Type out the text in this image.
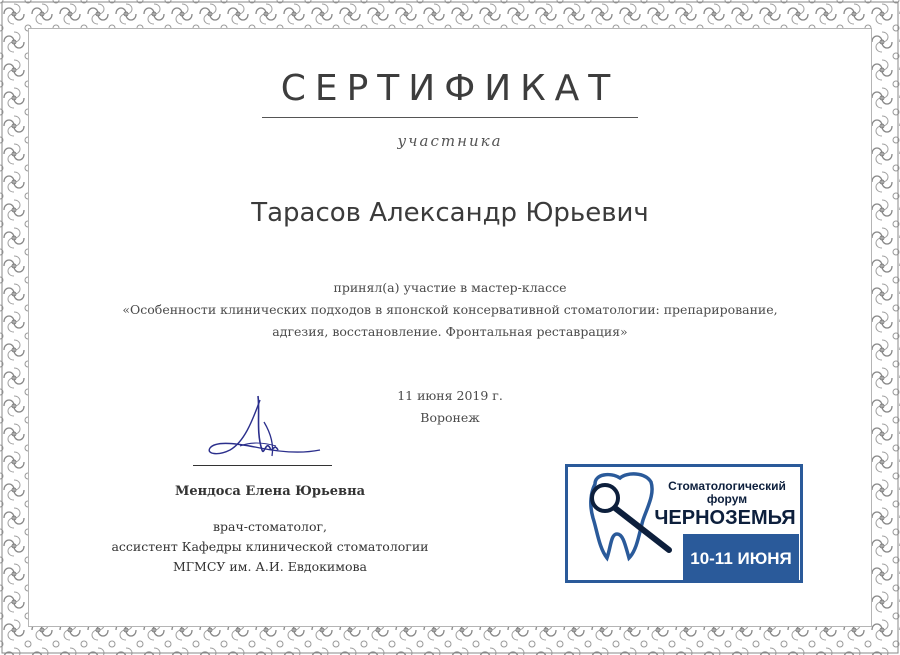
СЕРТИФИКАТ
участника
Тарасов Александр Юрьевич
принял(а) участие в мастер-классе
«Особенности клинических подходов в японской консервативной стоматологии: препарирование,
адгезия, восстановление. Фронтальная реставрация»
11 июня 2019 г.
Воронеж
Мендоса Елена Юрьевна
врач-стоматолог,
ассистент Кафедры клинической стоматологии
МГМСУ им. А.И. Евдокимова
Стоматологический
форум
ЧЕРНОЗЕМЬЯ
10-11 ИЮНЯ
